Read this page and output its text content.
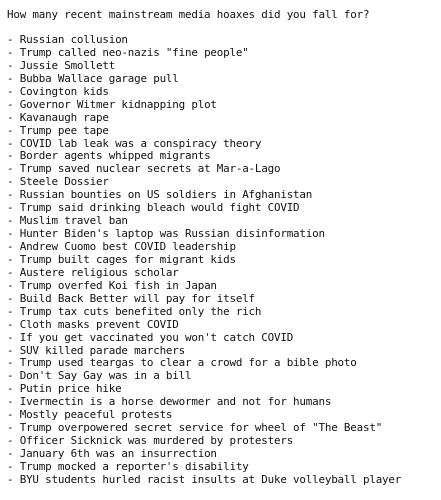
How many recent mainstream media hoaxes did you fall for?
- Russian collusion
- Trump called neo-nazis "fine people"
- Jussie Smollett
- Bubba Wallace garage pull
- Covington kids
- Governor Witmer kidnapping plot
- Kavanaugh rape
- Trump pee tape
- COVID lab leak was a conspiracy theory
- Border agents whipped migrants
- Trump saved nuclear secrets at Mar-a-Lago
- Steele Dossier
- Russian bounties on US soldiers in Afghanistan
- Trump said drinking bleach would fight COVID
- Muslim travel ban
- Hunter Biden's laptop was Russian disinformation
- Andrew Cuomo best COVID leadership
- Trump built cages for migrant kids
- Austere religious scholar
- Trump overfed Koi fish in Japan
- Build Back Better will pay for itself
- Trump tax cuts benefited only the rich
- Cloth masks prevent COVID
- If you get vaccinated you won't catch COVID
- SUV killed parade marchers
- Trump used teargas to clear a crowd for a bible photo
- Don't Say Gay was in a bill
- Putin price hike
- Ivermectin is a horse dewormer and not for humans
- Mostly peaceful protests
- Trump overpowered secret service for wheel of "The Beast"
- Officer Sicknick was murdered by protesters
- January 6th was an insurrection
- Trump mocked a reporter's disability
- BYU students hurled racist insults at Duke volleyball player
